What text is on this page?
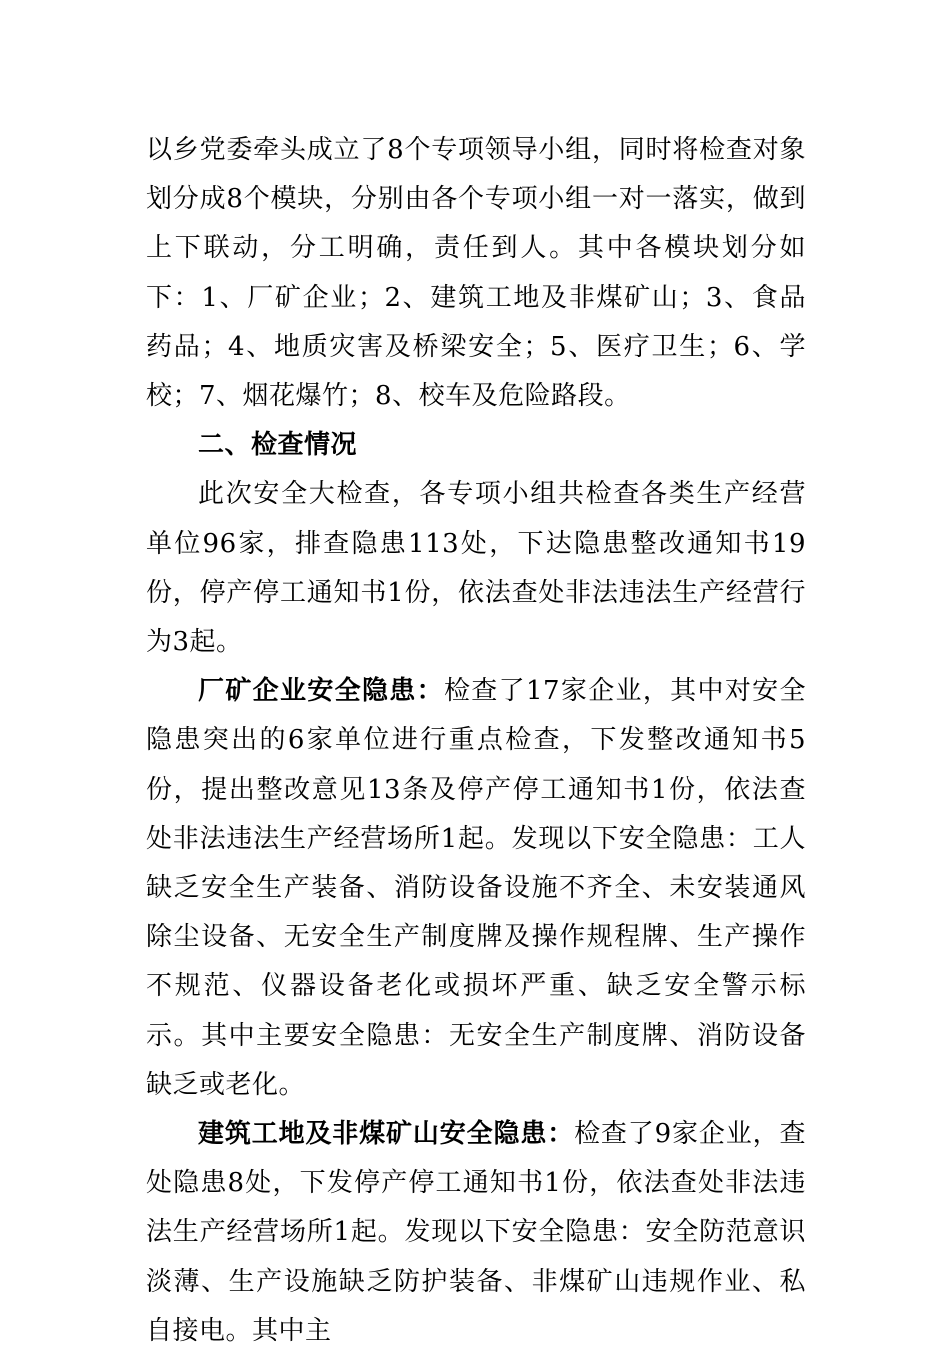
以乡党委牵头成立了8个专项领导小组，同时将检查对象划分成8个模块，分别由各个专项小组一对一落实，做到上下联动，分工明确，责任到人。其中各模块划分如下：1、厂矿企业；2、建筑工地及非煤矿山；3、食品药品；4、地质灾害及桥梁安全；5、医疗卫生；6、学校；7、烟花爆竹；8、校车及危险路段。

二、检查情况

此次安全大检查，各专项小组共检查各类生产经营单位96家，排查隐患113处，下达隐患整改通知书19份，停产停工通知书1份，依法查处非法违法生产经营行为3起。

厂矿企业安全隐患：检查了17家企业，其中对安全隐患突出的6家单位进行重点检查，下发整改通知书5份，提出整改意见13条及停产停工通知书1份，依法查处非法违法生产经营场所1起。发现以下安全隐患：工人缺乏安全生产装备、消防设备设施不齐全、未安装通风除尘设备、无安全生产制度牌及操作规程牌、生产操作不规范、仪器设备老化或损坏严重、缺乏安全警示标示。其中主要安全隐患：无安全生产制度牌、消防设备缺乏或老化。

建筑工地及非煤矿山安全隐患：检查了9家企业，查处隐患8处，下发停产停工通知书1份，依法查处非法违法生产经营场所1起。发现以下安全隐患：安全防范意识淡薄、生产设施缺乏防护装备、非煤矿山违规作业、私自接电。其中主
